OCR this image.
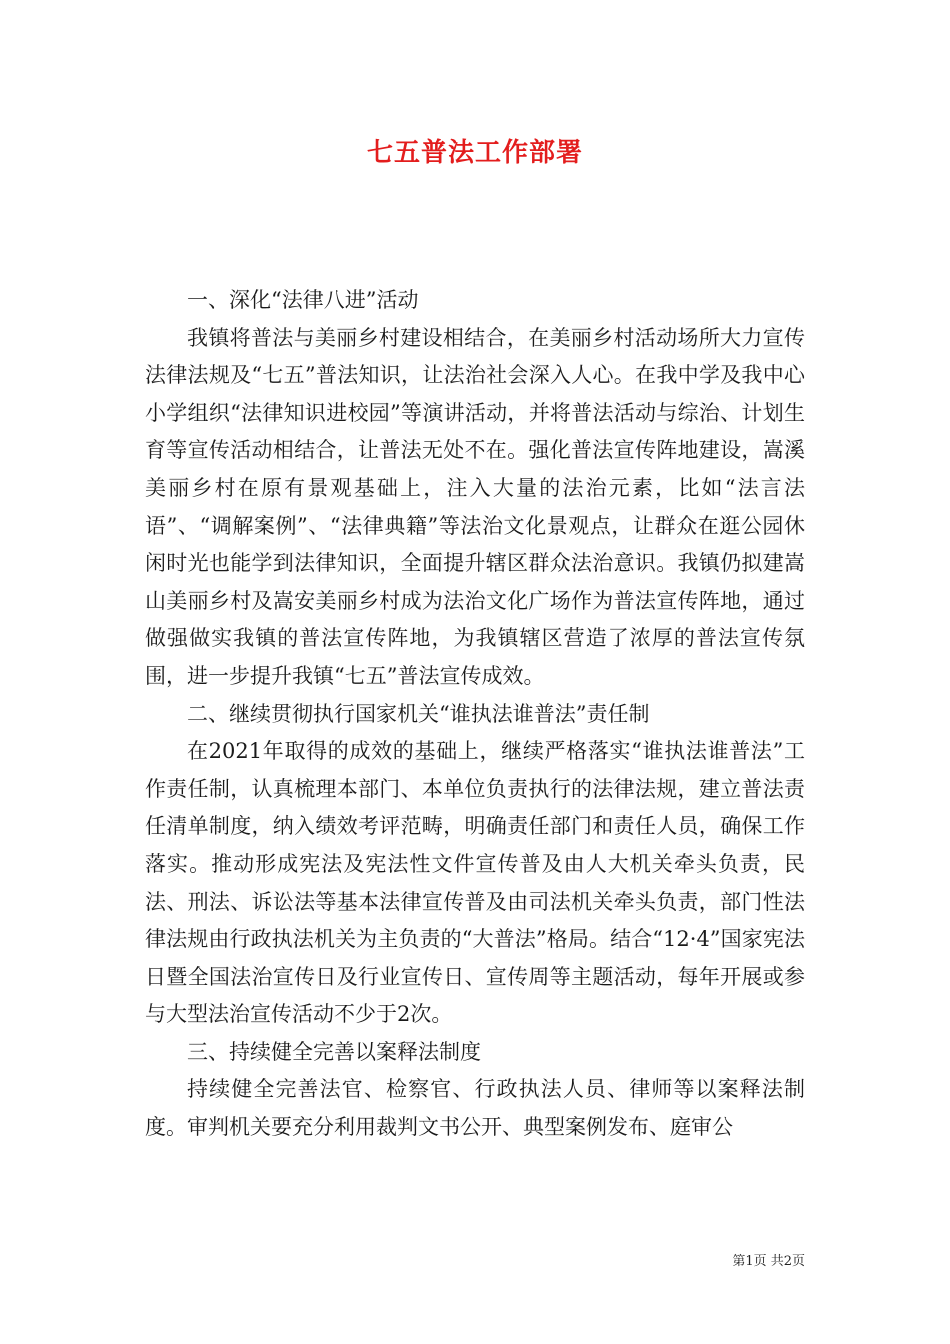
七五普法工作部署

一、深化“法律八进”活动

我镇将普法与美丽乡村建设相结合，在美丽乡村活动场所大力宣传法律法规及“七五”普法知识，让法治社会深入人心。在我中学及我中心小学组织“法律知识进校园”等演讲活动，并将普法活动与综治、计划生育等宣传活动相结合，让普法无处不在。强化普法宣传阵地建设，嵩溪美丽乡村在原有景观基础上，注入大量的法治元素，比如“法言法语”、“调解案例”、“法律典籍”等法治文化景观点，让群众在逛公园休闲时光也能学到法律知识，全面提升辖区群众法治意识。我镇仍拟建嵩山美丽乡村及嵩安美丽乡村成为法治文化广场作为普法宣传阵地，通过做强做实我镇的普法宣传阵地，为我镇辖区营造了浓厚的普法宣传氛围，进一步提升我镇“七五”普法宣传成效。

二、继续贯彻执行国家机关“谁执法谁普法”责任制

在2021年取得的成效的基础上，继续严格落实“谁执法谁普法”工作责任制，认真梳理本部门、本单位负责执行的法律法规，建立普法责任清单制度，纳入绩效考评范畴，明确责任部门和责任人员，确保工作落实。推动形成宪法及宪法性文件宣传普及由人大机关牵头负责，民法、刑法、诉讼法等基本法律宣传普及由司法机关牵头负责，部门性法律法规由行政执法机关为主负责的“大普法”格局。结合“12·4”国家宪法日暨全国法治宣传日及行业宣传日、宣传周等主题活动，每年开展或参与大型法治宣传活动不少于2次。

三、持续健全完善以案释法制度

持续健全完善法官、检察官、行政执法人员、律师等以案释法制度。审判机关要充分利用裁判文书公开、典型案例发布、庭审公

第1页 共2页
